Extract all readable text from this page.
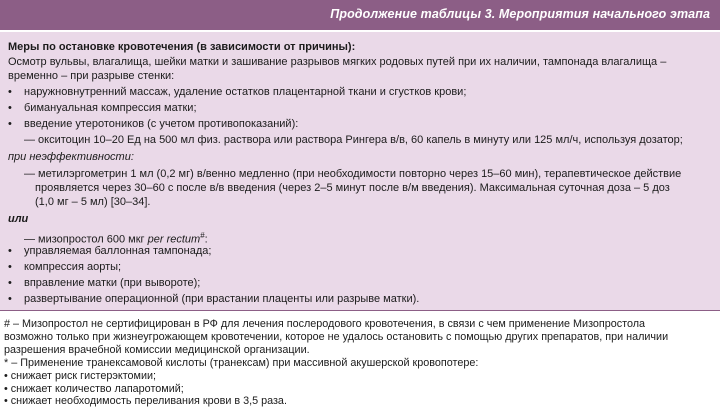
Продолжение таблицы 3. Мероприятия начального этапа
Меры по остановке кровотечения (в зависимости от причины):
Осмотр вульвы, влагалища, шейки матки и зашивание разрывов мягких родовых путей при их наличии, тампонада влагалища –
временно – при разрыве стенки:
• наружновнутренний массаж, удаление остатков плацентарной ткани и сгустков крови;
• бимануальная компрессия матки;
• введение утеротоников (с учетом противопоказаний):
— окситоцин 10–20 Ед на 500 мл физ. раствора или раствора Рингера в/в, 60 капель в минуту или 125 мл/ч, используя дозатор;
при неэффективности:
— метилэргометрин 1 мл (0,2 мг) в/венно медленно (при необходимости повторно через 15–60 мин), терапевтическое действие
проявляется через 30–60 с после в/в введения (через 2–5 минут после в/м введения). Максимальная суточная доза – 5 доз
(1,0 мг – 5 мл) [30–34].
или
— мизопростол 600 мкг per rectum#:
• управляемая баллонная тампонада;
• компрессия аорты;
• вправление матки (при вывороте);
• развертывание операционной (при врастании плаценты или разрыве матки).
# – Мизопростол не сертифицирован в РФ для лечения послеродового кровотечения, в связи с чем применение Мизопростола
возможно только при жизнеугрожающем кровотечении, которое не удалось остановить с помощью других препаратов, при наличии
разрешения врачебной комиссии медицинской организации.
* – Применение транексамовой кислоты (транексам) при массивной акушерской кровопотере:
• снижает риск гистерэктомии;
• снижает количество лапаротомий;
• снижает необходимость переливания крови в 3,5 раза.
